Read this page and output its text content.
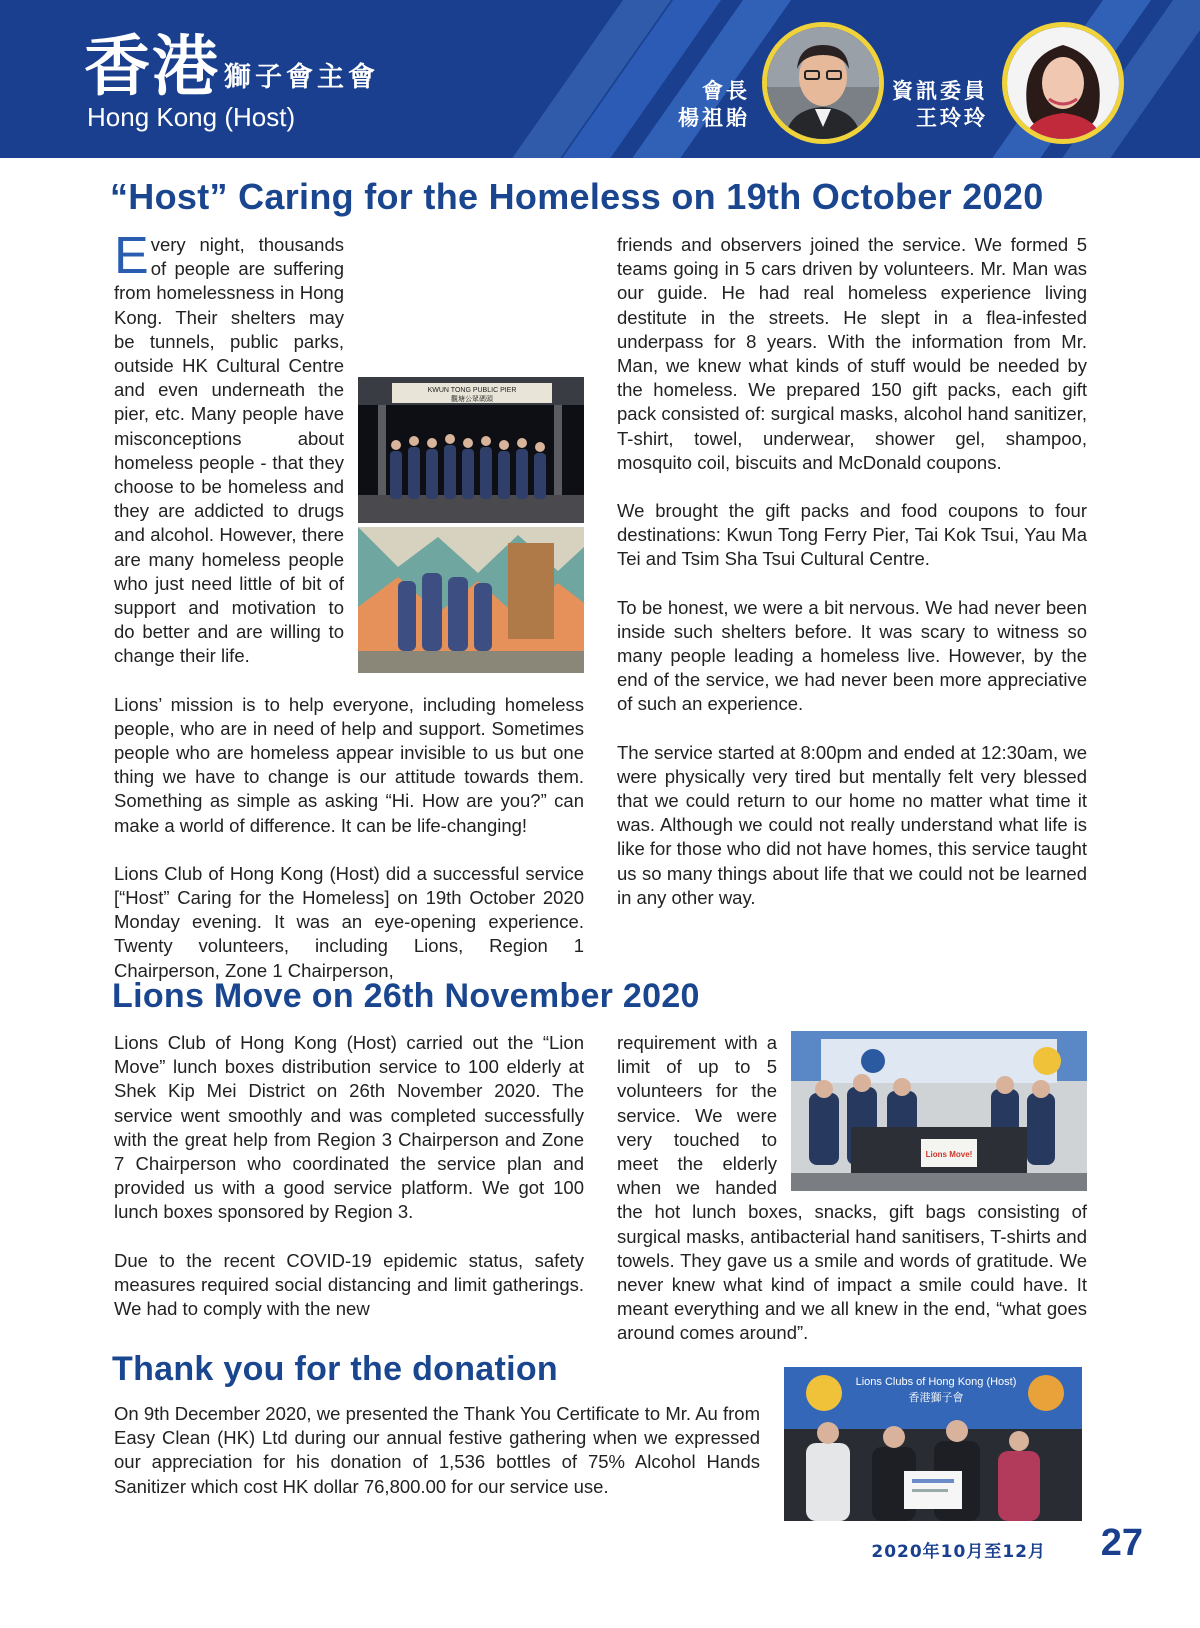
香港 獅子會主會
Hong Kong (Host)
會長
楊祖貽
資訊委員
王玲玲
“Host” Caring for the Homeless on 19th October 2020

E
KWUN TONG PUBLIC PIER
觀塘公眾碼頭
very night, thousands of people are suffering from homelessness in Hong Kong. Their shelters may be tunnels, public parks, outside HK Cultural Centre and even underneath the pier, etc. Many people have misconceptions about homeless people - that they choose to be homeless and they are addicted to drugs and alcohol. However, there are many homeless people who just need little of bit of support and motivation to do better and are willing to change their life.

Lions’ mission is to help everyone, including homeless people, who are in need of help and support. Sometimes people who are homeless appear invisible to us but one thing we have to change is our attitude towards them. Something as simple as asking “Hi. How are you?” can make a world of difference. It can be life-changing!

Lions Club of Hong Kong (Host) did a successful service [“Host” Caring for the Homeless] on 19th October 2020 Monday evening. It was an eye-opening experience. Twenty volunteers, including Lions, Region 1 Chairperson, Zone 1 Chairperson,

friends and observers joined the service. We formed 5 teams going in 5 cars driven by volunteers. Mr. Man was our guide. He had real homeless experience living destitute in the streets. He slept in a flea-infested underpass for 8 years. With the information from Mr. Man, we knew what kinds of stuff would be needed by the homeless. We prepared 150 gift packs, each gift pack consisted of: surgical masks, alcohol hand sanitizer, T-shirt, towel, underwear, shower gel, shampoo, mosquito coil, biscuits and McDonald coupons.

We brought the gift packs and food coupons to four destinations: Kwun Tong Ferry Pier, Tai Kok Tsui, Yau Ma Tei and Tsim Sha Tsui Cultural Centre.

To be honest, we were a bit nervous. We had never been inside such shelters before. It was scary to witness so many people leading a homeless live. However, by the end of the service, we had never been more appreciative of such an experience.

The service started at 8:00pm and ended at 12:30am, we were physically very tired but mentally felt very blessed that we could return to our home no matter what time it was. Although we could not really understand what life is like for those who did not have homes, this service taught us so many things about life that we could not be learned in any other way.

Lions Move on 26th November 2020

Lions Club of Hong Kong (Host) carried out the “Lion Move” lunch boxes distribution service to 100 elderly at Shek Kip Mei District on 26th November 2020. The service went smoothly and was completed successfully with the great help from Region 3 Chairperson and Zone 7 Chairperson who coordinated the service plan and provided us with a good service platform. We got 100 lunch boxes sponsored by Region 3.

Due to the recent COVID-19 epidemic status, safety measures required social distancing and limit gatherings. We had to comply with the new

Lions Move!
requirement with a limit of up to 5 volunteers for the service. We were very touched to meet the elderly when we handed the hot lunch boxes, snacks, gift bags consisting of surgical masks, antibacterial hand sanitisers, T-shirts and towels. They gave us a smile and words of gratitude. We never knew what kind of impact a smile could have. It meant everything and we all knew in the end, “what goes around comes around”.

Thank you for the donation

On 9th December 2020, we presented the Thank You Certificate to Mr. Au from Easy Clean (HK) Ltd during our annual festive gathering when we expressed our appreciation for his donation of 1,536 bottles of 75% Alcohol Hands Sanitizer which cost HK dollar 76,800.00 for our service use.

Lions Clubs of Hong Kong (Host)
香港獅子會
2020年10月至12月 27
